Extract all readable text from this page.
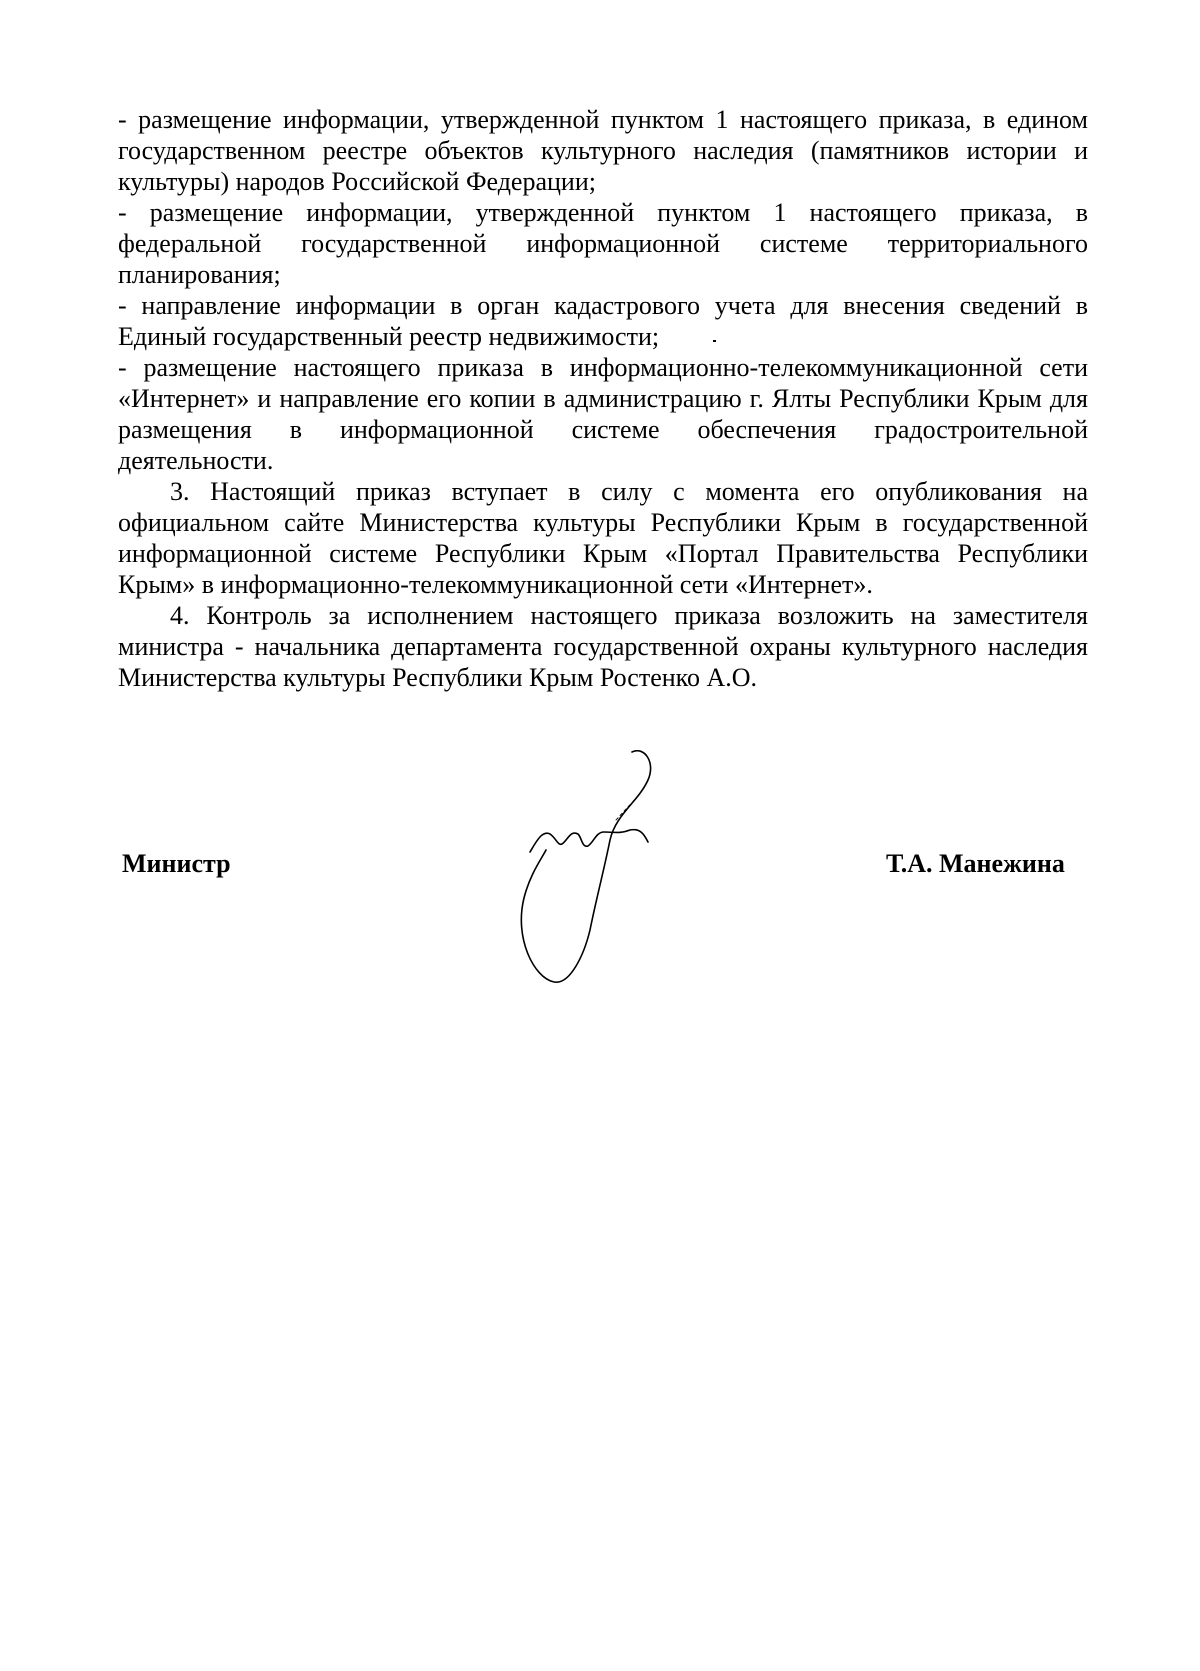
- размещение информации, утвержденной пунктом 1 настоящего приказа, в едином государственном реестре объектов культурного наследия (памятников истории и культуры) народов Российской Федерации;

- размещение информации, утвержденной пунктом 1 настоящего приказа, в федеральной государственной информационной системе территориального планирования;

- направление информации в орган кадастрового учета для внесения сведений в Единый государственный реестр недвижимости;

- размещение настоящего приказа в информационно-телекоммуникационной сети «Интернет» и направление его копии в администрацию г. Ялты Республики Крым для размещения в информационной системе обеспечения градостроительной деятельности.

3. Настоящий приказ вступает в силу с момента его опубликования на официальном сайте Министерства культуры Республики Крым в государственной информационной системе Республики Крым «Портал Правительства Республики Крым» в информационно-телекоммуникационной сети «Интернет».

4. Контроль за исполнением настоящего приказа возложить на заместителя министра - начальника департамента государственной охраны культурного наследия Министерства культуры Республики Крым Ростенко А.О.

Министр	Т.А. Манежина
